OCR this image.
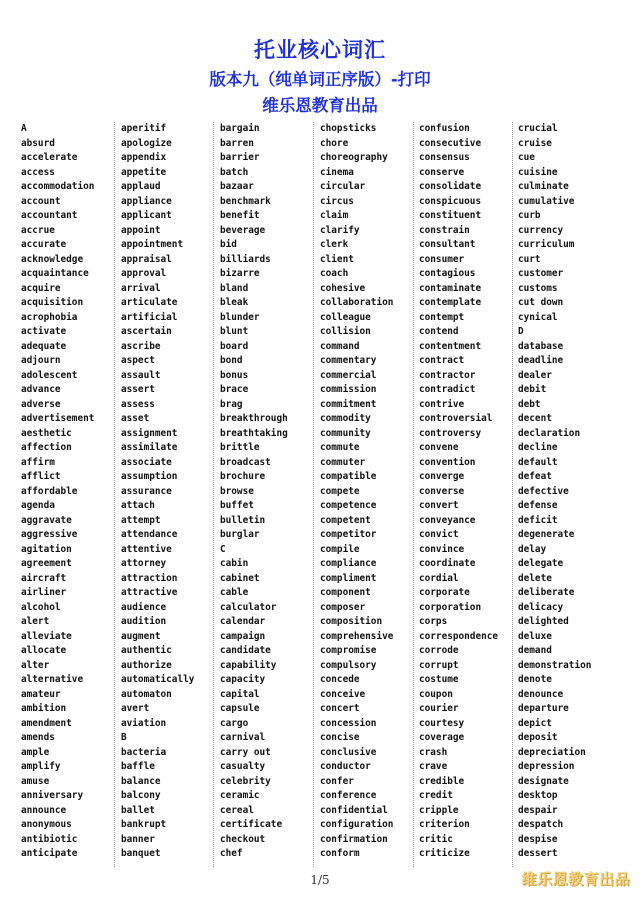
托业核心词汇
版本九（纯单词正序版）-打印
维乐恩教育出品
A
absurd
accelerate
access
accommodation
account
accountant
accrue
accurate
acknowledge
acquaintance
acquire
acquisition
acrophobia
activate
adequate
adjourn
adolescent
advance
adverse
advertisement
aesthetic
affection
affirm
afflict
affordable
agenda
aggravate
aggressive
agitation
agreement
aircraft
airliner
alcohol
alert
alleviate
allocate
alter
alternative
amateur
ambition
amendment
amends
ample
amplify
amuse
anniversary
announce
anonymous
antibiotic
anticipate
aperitif
apologize
appendix
appetite
applaud
appliance
applicant
appoint
appointment
appraisal
approval
arrival
articulate
artificial
ascertain
ascribe
aspect
assault
assert
assess
asset
assignment
assimilate
associate
assumption
assurance
attach
attempt
attendance
attentive
attorney
attraction
attractive
audience
audition
augment
authentic
authorize
automatically
automaton
avert
aviation
B
bacteria
baffle
balance
balcony
ballet
bankrupt
banner
banquet
bargain
barren
barrier
batch
bazaar
benchmark
benefit
beverage
bid
billiards
bizarre
bland
bleak
blunder
blunt
board
bond
bonus
brace
brag
breakthrough
breathtaking
brittle
broadcast
brochure
browse
buffet
bulletin
burglar
C
cabin
cabinet
cable
calculator
calendar
campaign
candidate
capability
capacity
capital
capsule
cargo
carnival
carry out
casualty
celebrity
ceramic
cereal
certificate
checkout
chef
chopsticks
chore
choreography
cinema
circular
circus
claim
clarify
clerk
client
coach
cohesive
collaboration
colleague
collision
command
commentary
commercial
commission
commitment
commodity
community
commute
commuter
compatible
compete
competence
competent
competitor
compile
compliance
compliment
component
composer
composition
comprehensive
compromise
compulsory
concede
conceive
concert
concession
concise
conclusive
conductor
confer
conference
confidential
configuration
confirmation
conform
confusion
consecutive
consensus
conserve
consolidate
conspicuous
constituent
constrain
consultant
consumer
contagious
contaminate
contemplate
contempt
contend
contentment
contract
contractor
contradict
contrive
controversial
controversy
convene
convention
converge
converse
convert
conveyance
convict
convince
coordinate
cordial
corporate
corporation
corps
correspondence
corrode
corrupt
costume
coupon
courier
courtesy
coverage
crash
crave
credible
credit
cripple
criterion
critic
criticize
crucial
cruise
cue
cuisine
culminate
cumulative
curb
currency
curriculum
curt
customer
customs
cut down
cynical
D
database
deadline
dealer
debit
debt
decent
declaration
decline
default
defeat
defective
defense
deficit
degenerate
delay
delegate
delete
deliberate
delicacy
delighted
deluxe
demand
demonstration
denote
denounce
departure
depict
deposit
depreciation
depression
designate
desktop
despair
despatch
despise
dessert
1/5	维乐恩教育出品
